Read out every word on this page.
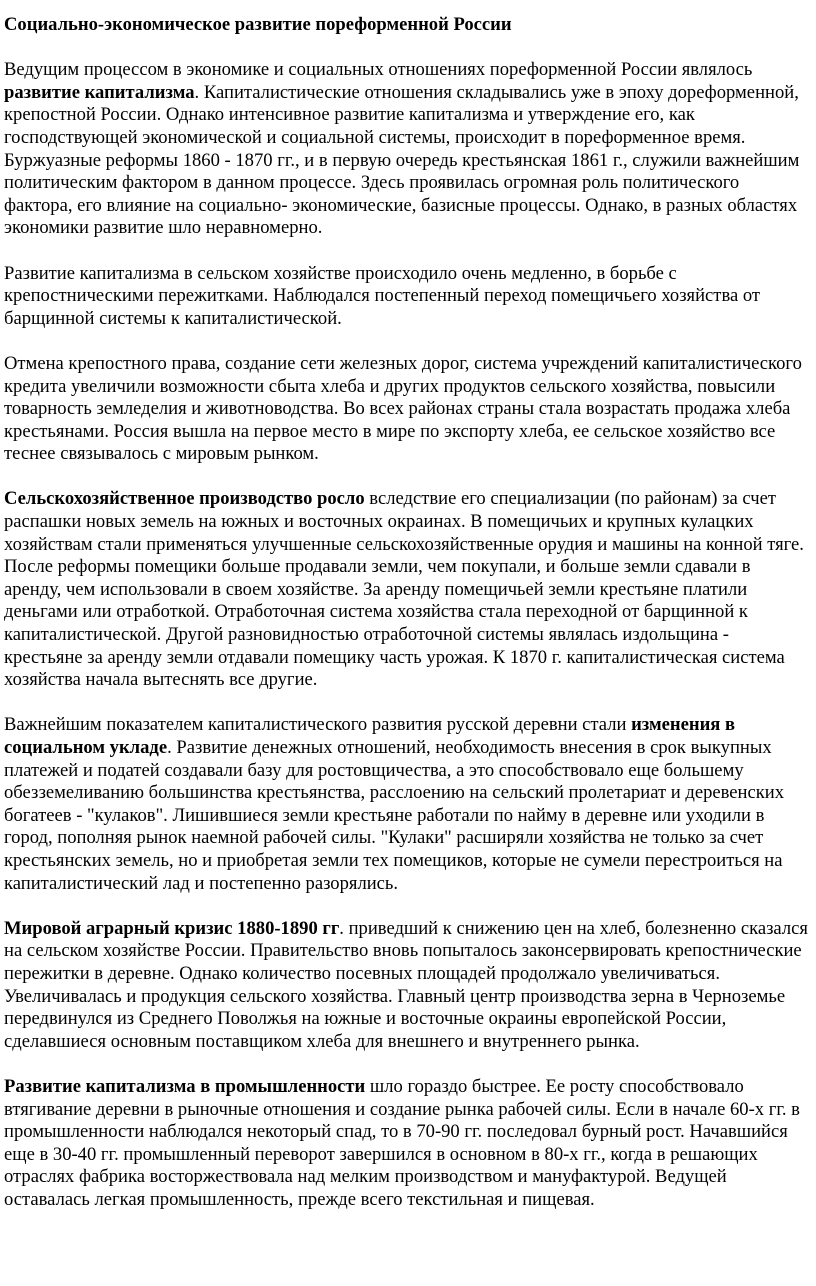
Социально-экономическое развитие пореформенной России

Ведущим процессом в экономике и социальных отношениях пореформенной России являлось развитие капитализма. Капиталистические отношения складывались уже в эпоху дореформенной, крепостной России. Однако интенсивное развитие капитализма и утверждение его, как господствующей экономической и социальной системы, происходит в пореформенное время. Буржуазные реформы 1860 - 1870 гг., и в первую очередь крестьянская 1861 г., служили важнейшим политическим фактором в данном процессе. Здесь проявилась огромная роль политического фактора, его влияние на социально- экономические, базисные процессы. Однако, в разных областях экономики развитие шло неравномерно.

Развитие капитализма в сельском хозяйстве происходило очень медленно, в борьбе с крепостническими пережитками. Наблюдался постепенный переход помещичьего хозяйства от барщинной системы к капиталистической.

Отмена крепостного права, создание сети железных дорог, система учреждений капиталистического кредита увеличили возможности сбыта хлеба и других продуктов сельского хозяйства, повысили товарность земледелия и животноводства. Во всех районах страны стала возрастать продажа хлеба крестьянами. Россия вышла на первое место в мире по экспорту хлеба, ее сельское хозяйство все теснее связывалось с мировым рынком.

Сельскохозяйственное производство росло вследствие его специализации (по районам) за счет распашки новых земель на южных и восточных окраинах. В помещичьих и крупных кулацких хозяйствам стали применяться улучшенные сельскохозяйственные орудия и машины на конной тяге. После реформы помещики больше продавали земли, чем покупали, и больше земли сдавали в аренду, чем использовали в своем хозяйстве. За аренду помещичьей земли крестьяне платили деньгами или отработкой. Отработочная система хозяйства стала переходной от барщинной к капиталистической. Другой разновидностью отработочной системы являлась издольщина - крестьяне за аренду земли отдавали помещику часть урожая. К 1870 г. капиталистическая система хозяйства начала вытеснять все другие.

Важнейшим показателем капиталистического развития русской деревни стали изменения в социальном укладе. Развитие денежных отношений, необходимость внесения в срок выкупных платежей и податей создавали базу для ростовщичества, а это способствовало еще большему обезземеливанию большинства крестьянства, расслоению на сельский пролетариат и деревенских богатеев - "кулаков". Лишившиеся земли крестьяне работали по найму в деревне или уходили в город, пополняя рынок наемной рабочей силы. "Кулаки" расширяли хозяйства не только за счет крестьянских земель, но и приобретая земли тех помещиков, которые не сумели перестроиться на капиталистический лад и постепенно разорялись.

Мировой аграрный кризис 1880-1890 гг. приведший к снижению цен на хлеб, болезненно сказался на сельском хозяйстве России. Правительство вновь попыталось законсервировать крепостнические пережитки в деревне. Однако количество посевных площадей продолжало увеличиваться. Увеличивалась и продукция сельского хозяйства. Главный центр производства зерна в Черноземье передвинулся из Среднего Поволжья на южные и восточные окраины европейской России, сделавшиеся основным поставщиком хлеба для внешнего и внутреннего рынка.

Развитие капитализма в промышленности шло гораздо быстрее. Ее росту способствовало втягивание деревни в рыночные отношения и создание рынка рабочей силы. Если в начале 60-х гг. в промышленности наблюдался некоторый спад, то в 70-90 гг. последовал бурный рост. Начавшийся еще в 30-40 гг. промышленный переворот завершился в основном в 80-х гг., когда в решающих отраслях фабрика восторжествовала над мелким производством и мануфактурой. Ведущей оставалась легкая промышленность, прежде всего текстильная и пищевая.
